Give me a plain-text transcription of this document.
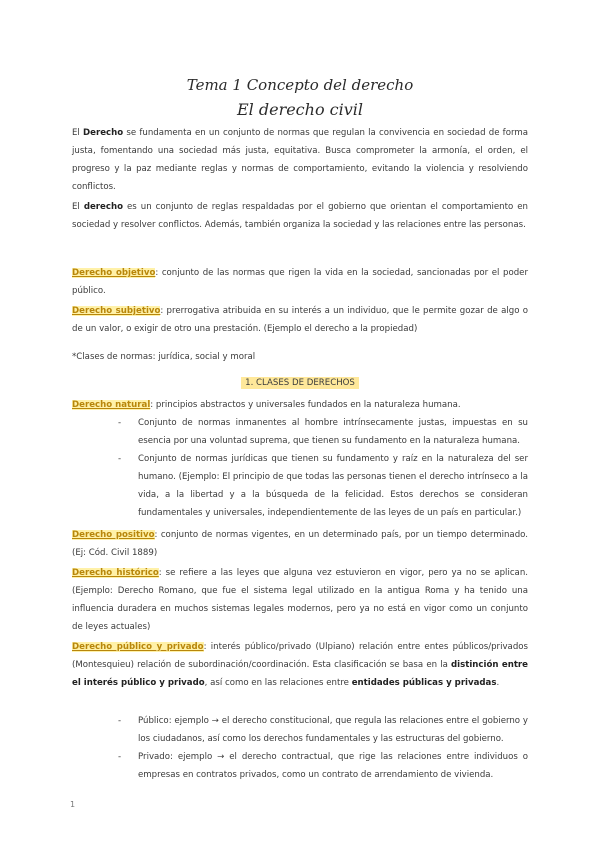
Tema 1 Concepto del derecho
El derecho civil
El Derecho se fundamenta en un conjunto de normas que regulan la convivencia en sociedad de forma justa, fomentando una sociedad más justa, equitativa. Busca comprometer la armonía, el orden, el progreso y la paz mediante reglas y normas de comportamiento, evitando la violencia y resolviendo conflictos.
El derecho es un conjunto de reglas respaldadas por el gobierno que orientan el comportamiento en sociedad y resolver conflictos. Además, también organiza la sociedad y las relaciones entre las personas.
Derecho objetivo: conjunto de las normas que rigen la vida en la sociedad, sancionadas por el poder público.
Derecho subjetivo: prerrogativa atribuida en su interés a un individuo, que le permite gozar de algo o de un valor, o exigir de otro una prestación. (Ejemplo el derecho a la propiedad)
*Clases de normas: jurídica, social y moral
1. CLASES DE DERECHOS
Derecho natural: principios abstractos y universales fundados en la naturaleza humana.
- Conjunto de normas inmanentes al hombre intrínsecamente justas, impuestas en su esencia por una voluntad suprema, que tienen su fundamento en la naturaleza humana.
- Conjunto de normas jurídicas que tienen su fundamento y raíz en la naturaleza del ser humano. (Ejemplo: El principio de que todas las personas tienen el derecho intrínseco a la vida, a la libertad y a la búsqueda de la felicidad. Estos derechos se consideran fundamentales y universales, independientemente de las leyes de un país en particular.)
Derecho positivo: conjunto de normas vigentes, en un determinado país, por un tiempo determinado. (Ej: Cód. Civil 1889)
Derecho histórico: se refiere a las leyes que alguna vez estuvieron en vigor, pero ya no se aplican. (Ejemplo: Derecho Romano, que fue el sistema legal utilizado en la antigua Roma y ha tenido una influencia duradera en muchos sistemas legales modernos, pero ya no está en vigor como un conjunto de leyes actuales)
Derecho público y privado: interés público/privado (Ulpiano) relación entre entes públicos/privados (Montesquieu) relación de subordinación/coordinación. Esta clasificación se basa en la distinción entre el interés público y privado, así como en las relaciones entre entidades públicas y privadas.
- Público: ejemplo → el derecho constitucional, que regula las relaciones entre el gobierno y los ciudadanos, así como los derechos fundamentales y las estructuras del gobierno.
- Privado: ejemplo → el derecho contractual, que rige las relaciones entre individuos o empresas en contratos privados, como un contrato de arrendamiento de vivienda.
1
